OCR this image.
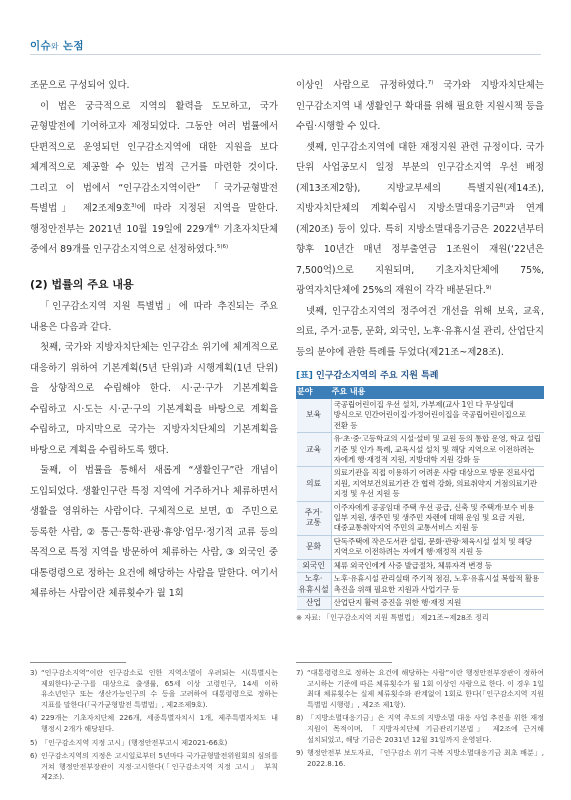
이슈와 논점

조문으로 구성되어 있다.

이 법은 궁극적으로 지역의 활력을 도모하고, 국가 균형발전에 기여하고자 제정되었다. 그동안 여러 법률에서 단편적으로 운영되던 인구감소지역에 대한 지원을 보다 체계적으로 제공할 수 있는 법적 근거를 마련한 것이다. 그리고 이 법에서 “인구감소지역이란” 「국가균형발전 특별법」 제2조제9호$^{3)}$에 따라 지정된 지역을 말한다. 행정안전부는 2021년 10월 19일에 229개$^{4)}$ 기초자치단체 중에서 89개를 인구감소지역으로 선정하였다.$^{5)6)}$

(2) 법률의 주요 내용

「인구감소지역 지원 특별법」에 따라 추진되는 주요 내용은 다음과 같다.

첫째, 국가와 지방자치단체는 인구감소 위기에 체계적으로 대응하기 위하여 기본계획(5년 단위)과 시행계획(1년 단위)을 상향적으로 수립해야 한다. 시·군·구가 기본계획을 수립하고 시·도는 시·군·구의 기본계획을 바탕으로 계획을 수립하고, 마지막으로 국가는 지방자치단체의 기본계획을 바탕으로 계획을 수립하도록 했다.

둘째, 이 법률을 통해서 새롭게 “생활인구”란 개념이 도입되었다. 생활인구란 특정 지역에 거주하거나 체류하면서 생활을 영위하는 사람이다. 구체적으로 보면, ① 주민으로 등록한 사람, ② 통근·통학·관광·휴양·업무·정기적 교류 등의 목적으로 특정 지역을 방문하여 체류하는 사람, ③ 외국인 중 대통령령으로 정하는 요건에 해당하는 사람을 말한다. 여기서 체류하는 사람이란 체류횟수가 월 1회

이상인 사람으로 규정하였다.$^{7)}$ 국가와 지방자치단체는 인구감소지역 내 생활인구 확대를 위해 필요한 지원시책 등을 수립·시행할 수 있다.

셋째, 인구감소지역에 대한 재정지원 관련 규정이다. 국가 단위 사업공모시 일정 부분의 인구감소지역 우선 배정(제13조제2항), 지방교부세의 특별지원(제14조), 지방자치단체의 계획수립시 지방소멸대응기금$^{8)}$과 연계(제20조) 등이 있다. 특히 지방소멸대응기금은 2022년부터 향후 10년간 매년 정부출연금 1조원이 재원(‘22년은 7,500억)으로 지원되며, 기초자치단체에 75%, 광역자치단체에 25%의 재원이 각각 배분된다.$^{9)}$

넷째, 인구감소지역의 정주여건 개선을 위해 보육, 교육, 의료, 주거·교통, 문화, 외국인, 노후·유휴시설 관리, 산업단지 등의 분야에 관한 특례를 두었다(제21조~제28조).

[표] 인구감소지역의 주요 지원 특례
분야	주요 내용
보육	국공립어린이집 우선 설치, 가부제(교사 1인 다 무상입대 방식으로 민간어린이집·가정어린이집을 국공립어린이집으로 전환 등
교육	유·초·중·고등학교의 시설·설비 및 교원 등의 통합 운영, 학교 설립 기준 및 인가 특례, 교육시설 설치 및 해당 지역으로 이전하려는 자에게 행·재정적 지원, 지방대학 지원 강화 등
의료	의료기관을 직접 이용하기 어려운 사람 대상으로 방문 진료사업 지원, 지역보건의료기관 간 협력 강화, 의료취약지 거점의료기관 지정 및 우선 지원 등
주거·교통	이주자에게 공공임대 주택 우선 공급, 신축 및 주택개·보수 비용 일부 지원, 생주민 및 생주민 자렌에 대해 운임 및 요금 지원, 대중교통취약지역 주민의 교통서비스 지원 등
문화	단독주택에 작은도서관 설립, 문화·관광·체육시설 설치 및 해당 지역으로 이전하려는 자에게 행·재정적 지원 등
외국인	체류 외국인에게 사증 발급절차, 체류자격 변경 등
노후·유휴시설	노후·유휴시설 관리실태 주기적 점검, 노후·유휴시설 복합적 활용 촉진을 위해 필요한 지원과 사업기구 등
산업	산업단지 활력 증진을 위한 행·재정 지원
※ 자료: 「인구감소지역 지원 특별법」 제21조~제28조 정리
3) “인구감소지역”이란 인구감소로 인한 지역소멸이 우려되는 시(특별시는 제외한다)·군·구를 대상으로 출생률, 65세 이상 고령인구, 14세 이하 유소년인구 또는 생산가능인구의 수 등을 고려하여 대통령령으로 정하는 지표를 말한다(「국가균형발전 특별법」, 제2조제9호).
4) 229개는 기초자치단체 226개, 세종특별자치시 1개, 제주특별자치도 내 행정시 2개가 해당된다.
5) 「인구감소지역 지정 고시」(행정안전부고시 제2021-66호)
6) 인구감소지역의 지정은 고시일로부터 5년마다 국가균형발전위원회의 심의를 거쳐 행정안전부장관이 지정·고시한다(「인구감소지역 지정 고시」 부칙 제2조).
7) “대통령령으로 정하는 요건에 해당하는 사람”이란 행정안전부장관이 정하여 고시하는 기준에 따른 체류횟수가 월 1회 이상인 사람으로 한다. 이 경우 1일 최대 체류횟수는 실제 체류횟수와 관계없이 1회로 한다(「인구감소지역 지원 특별법 시행령」, 제2조 제1항).
8) 「지방소멸대응기금」은 지역 주도의 지방소멸 대응 사업 추진을 위한 재정 지원이 목적이며, 「지방자치단체 기금관리기본법」 제2조에 근거해 설치되었고, 해당 기금은 2031년 12월 31일까지 운영된다.
9) 행정안전부 보도자료, 「인구감소 위기 극복 지방소멸대응기금 최초 배분」, 2022.8.16.
